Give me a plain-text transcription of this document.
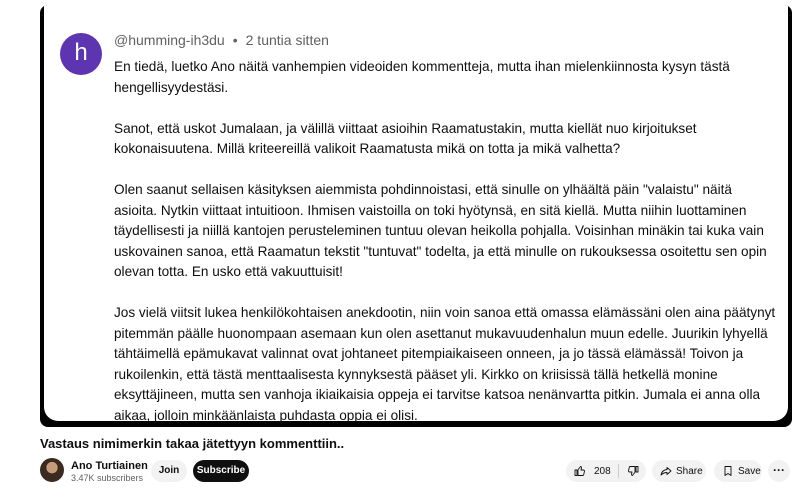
h	@humming-ih3du • 2 tuntia sitten

En tiedä, luetko Ano näitä vanhempien videoiden kommentteja, mutta ihan mielenkiinnosta kysyn tästä hengellisyydestäsi.

Sanot, että uskot Jumalaan, ja välillä viittaat asioihin Raamatustakin, mutta kiellät nuo kirjoitukset kokonaisuutena. Millä kriteereillä valikoit Raamatusta mikä on totta ja mikä valhetta?

Olen saanut sellaisen käsityksen aiemmista pohdinnoistasi, että sinulle on ylhäältä päin "valaistu" näitä asioita. Nytkin viittaat intuitioon. Ihmisen vaistoilla on toki hyötynsä, en sitä kiellä. Mutta niihin luottaminen täydellisesti ja niillä kantojen perusteleminen tuntuu olevan heikolla pohjalla. Voisinhan minäkin tai kuka vain uskovainen sanoa, että Raamatun tekstit "tuntuvat" todelta, ja että minulle on rukouksessa osoitettu sen opin olevan totta. En usko että vakuuttuisit!

Jos vielä viitsit lukea henkilökohtaisen anekdootin, niin voin sanoa että omassa elämässäni olen aina päätynyt pitemmän päälle huonompaan asemaan kun olen asettanut mukavuudenhalun muun edelle. Juurikin lyhyellä tähtäimellä epämukavat valinnat ovat johtaneet pitempiaikaiseen onneen, ja jo tässä elämässä! Toivon ja rukoilenkin, että tästä menttaalisesta kynnyksestä pääset yli. Kirkko on kriisissä tällä hetkellä monine eksyttäjineen, mutta sen vanhoja ikiaikaisia oppeja ei tarvitse katsoa nenänvartta pitkin. Jumala ei anna olla aikaa, jolloin minkäänlaista puhdasta oppia ei olisi.

Vastaus nimimerkin takaa jätettyyn kommenttiin..
Ano Turtiainen
3.47K subscribers
Join	Subscribe	208	Share	Save	···
